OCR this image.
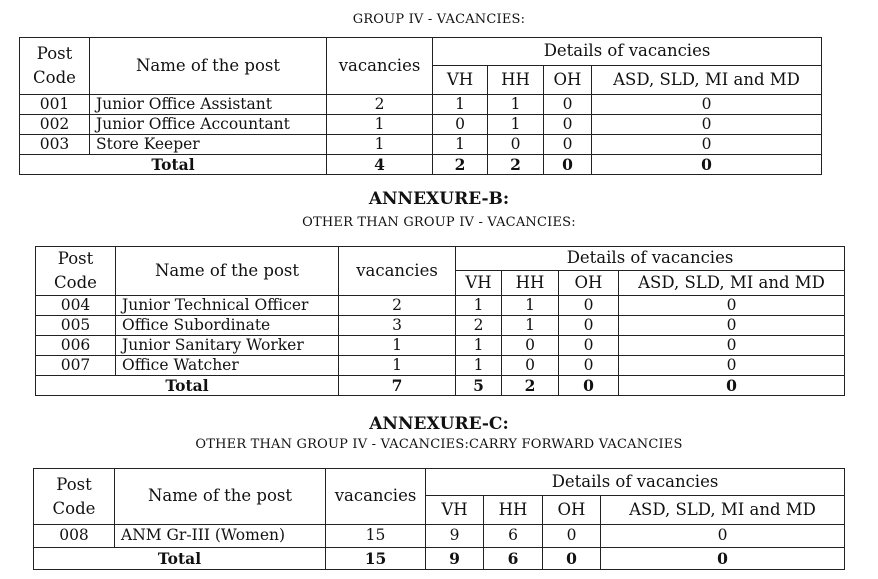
GROUP IV - VACANCIES:
Post
Code	Name of the post	vacancies	Details of vacancies			
			VH	HH	OH	ASD, SLD, MI and MD
001	Junior Office Assistant	2	1	1	0	0
002	Junior Office Accountant	1	0	1	0	0
003	Store Keeper	1	1	0	0	0
Total		4	2	2	0	0
ANNEXURE-B:
OTHER THAN GROUP IV - VACANCIES:
Post
Code	Name of the post	vacancies	Details of vacancies			
			VH	HH	OH	ASD, SLD, MI and MD
004	Junior Technical Officer	2	1	1	0	0
005	Office Subordinate	3	2	1	0	0
006	Junior Sanitary Worker	1	1	0	0	0
007	Office Watcher	1	1	0	0	0
Total		7	5	2	0	0
ANNEXURE-C:
OTHER THAN GROUP IV - VACANCIES:CARRY FORWARD VACANCIES
Post
Code	Name of the post	vacancies	Details of vacancies			
			VH	HH	OH	ASD, SLD, MI and MD
008	ANM Gr-III (Women)	15	9	6	0	0
Total		15	9	6	0	0
